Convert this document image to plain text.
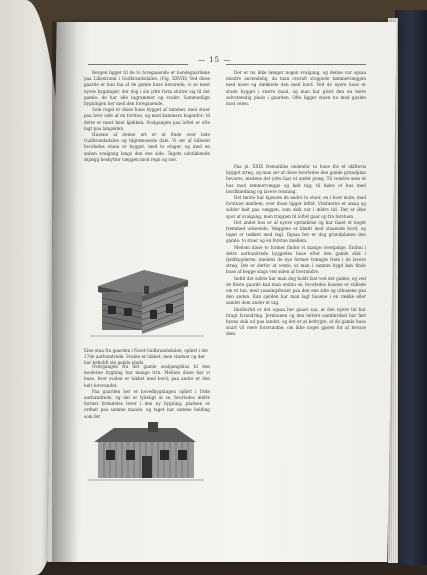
— 15 —

Bergen ligger til de to foregaaende er bondegaardene paa Lillestrand i Gudbrandsdalen. (Fig. XXVIII) Ved disse gaarde er kun faa af de gamle huse bevarede; vi se mest nyere bygninger, der dog i sin ydre form slutter sig til det gamle; de har alle tagrammer og svaler. Sammenlign bygningen her med den foregaaende.

Som regel er disse huse bygget af tømmer, med stuer paa hver side af en forstue, og med kammers bagenfor; til dette er mest føiet kjøkken. Svalgangen paa loftet er ofte lagt paa langsiden.

Husene af denne art er at finde over hele Gudbrandsdalen og tilgrænsende dale. Vi ser af billedet hvorledes stuen er bygget, med to etager, og med en aaben svalgang langs den ene side. Tagets udstikkende skjægg beskytter væggen mod regn og sne.

Eine stua fra gaarden i Nord-Gudbrandsdalen, opført i det 17de aarhundrede. Svalen er lukket, men vinduer og dør har beholdt sin gamle plads.

Overgangen fra det gamle svalgangshus til den moderne bygning har mange trin. Mellem disse har vi huse, hvor svalen er lukket med bord; paa andre er den helt forsvundet.

Paa gaarden her er hovedbygningen opført i 18de aarhundrede, og det er tydeligt at se, hvorledes ældre former fremdeles lever i den ny bygning; pladsen er ordnet paa samme maade, og taget har samme helding som før.

Der er nu ikke længer nogen svalgang, og denne var ogsaa mindre anvendelig, da man overalt stoppede tømmervæggen med mose og dækkede den med bord. Ved de nyere huse er stuen bygget i større maal, og man har givet den en mere selvstændig plads i gaarden. Ofte ligger stuen nu med gavlen mod veien.

Paa pl. XXIX fremstilles nedenfor to huse fra et skiftevis bygget strøg, og man ser af disse hvorledes den gamle grundplan bevares, medens det ydre faar et andet præg. Til venstre sees et hus med tømmervægge og høit tag; til høire et hus med bordklædning og lavere reisning.

Det første har ligesom de andre to stuer, en i hver ende, med forstuen imellem; over disse ligger loftet. Vinduerne er smaa og sidder høit paa væggen, som skik var i ældre tid. Der er ikke spor af svalgang, men trappen til loftet gaar op fra forstuen.

Det andet hus er af nyere oprindelse og har faaet et noget fremmed udseende. Væggene er klædt med staaende bord, og taget er tækket med tegl. Ogsaa her er dog grundplanen den gamle: to stuer og en forstue imellem.

Mellem disse to former finder vi mange overgange. Endnu i dette aarhundrede byggedes huse efter den gamle skik i fjeldbygderne, medens de nye former trængte frem i de lavere strøg. Det er derfor at vente, at man i samme bygd kan finde huse af begge slags ved siden af hverandre.

Indtil det sidste har man dog holdt fast ved det gamle, og ved de fleste gaarde kan man endnu se, hvorledes husene er stillede om et tun, med vaaningshuset paa den ene side og uthusene paa den anden. Kun sjelden har man lagt husene i en række eller samlet dem under et tag.

Imidlertid er det ogsaa her gaaet saa, at den nyere tid har bragt forandring. Jernbanen og den lettere samfærdsel har ført byens skik ud paa landet, og det er at befrygte, at de gamle huse snart vil være forsvundne, om ikke noget gjøres for at bevare dem.
